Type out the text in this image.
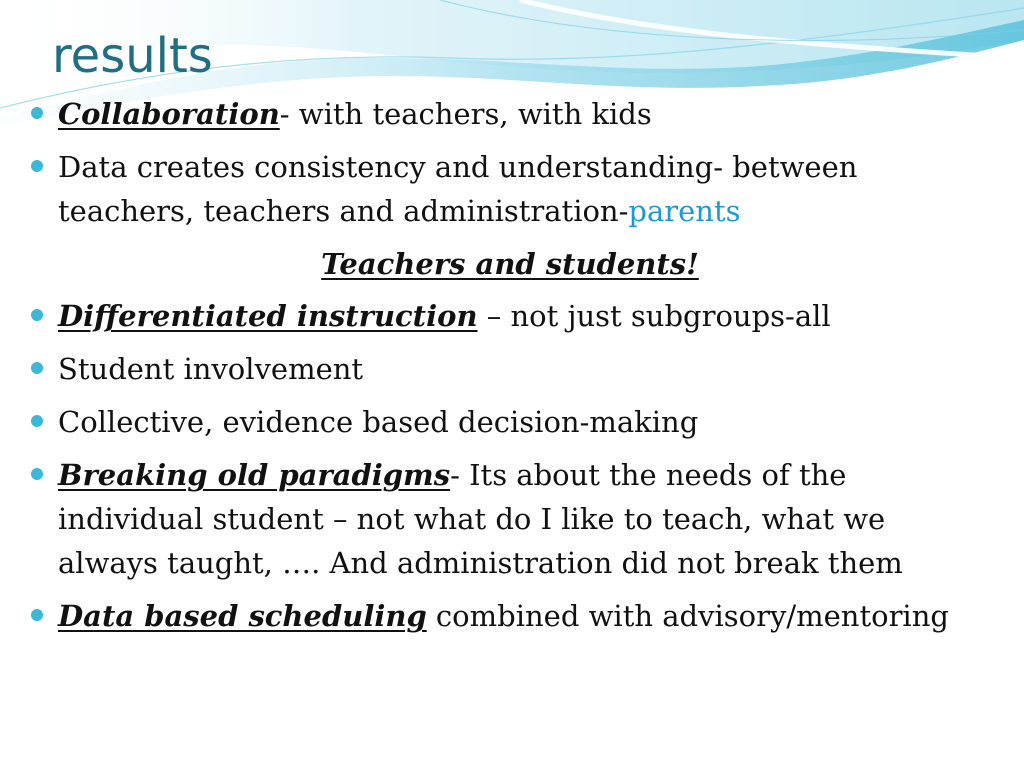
results
Collaboration- with teachers, with kids
Data creates consistency and understanding- between teachers, teachers and administration-parents
Teachers and students!
Differentiated instruction – not just subgroups-all
Student involvement
Collective, evidence based decision-making
Breaking old paradigms- Its about the needs of the individual student – not what do I like to teach, what we always taught, …. And administration did not break them
Data based scheduling combined with advisory/mentoring
